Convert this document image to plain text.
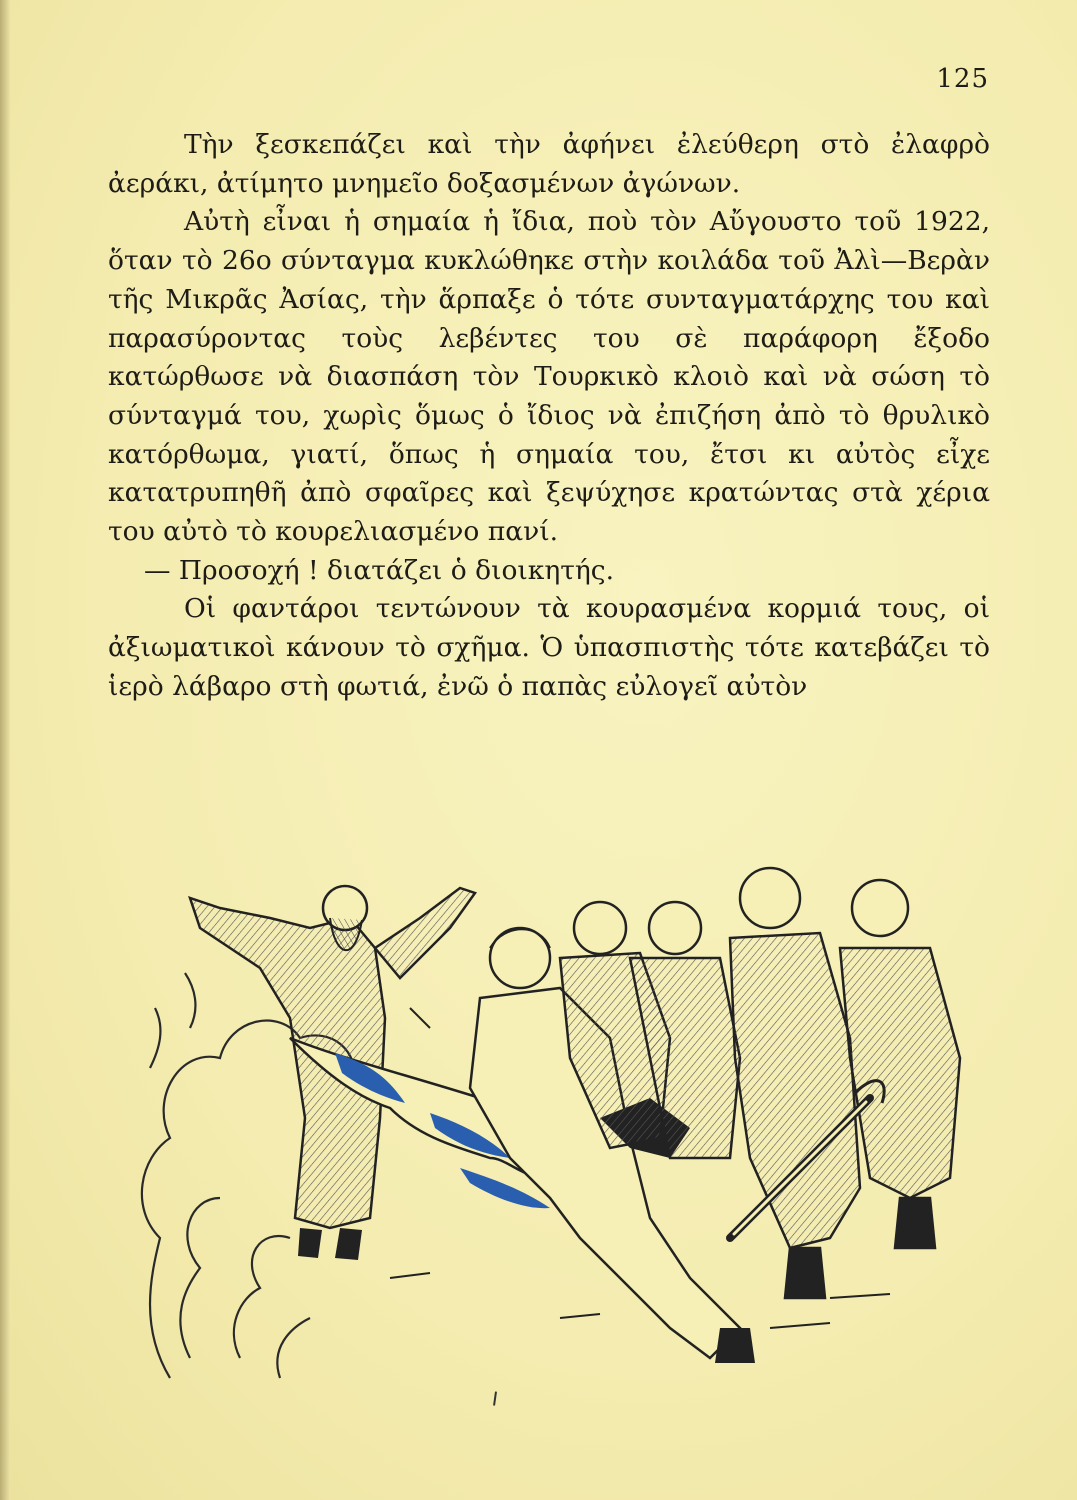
125

Τὴν ξεσκεπάζει καὶ τὴν ἀφήνει ἐλεύθερη στὸ ἐλαφρὸ ἀεράκι, ἀτίμητο μνημεῖο δοξασμένων ἀγώνων.

Αὐτὴ εἶναι ἡ σημαία ἡ ἴδια, ποὺ τὸν Αὔγουστο τοῦ 1922, ὅταν τὸ 26ο σύνταγμα κυκλώθηκε στὴν κοιλάδα τοῦ Ἀλὶ—Βερὰν τῆς Μικρᾶς Ἀσίας, τὴν ἅρπαξε ὁ τότε συνταγματάρχης του καὶ παρασύροντας τοὺς λεβέντες του σὲ παράφορη ἔξοδο κατώρθωσε νὰ διασπάση τὸν Τουρκικὸ κλοιὸ καὶ νὰ σώση τὸ σύνταγμά του, χωρὶς ὅμως ὁ ἴδιος νὰ ἐπιζήση ἀπὸ τὸ θρυλικὸ κατόρθωμα, γιατί, ὅπως ἡ σημαία του, ἔτσι κι αὐτὸς εἶχε κατατρυπηθῆ ἀπὸ σφαῖρες καὶ ξεψύχησε κρατώντας στὰ χέρια του αὐτὸ τὸ κουρελιασμένο πανί.

— Προσοχή ! διατάζει ὁ διοικητής.

Οἱ φαντάροι τεντώνουν τὰ κουρασμένα κορμιά τους, οἱ ἀξιωματικοὶ κάνουν τὸ σχῆμα. Ὁ ὑπασπιστὴς τότε κατεβάζει τὸ ἱερὸ λάβαρο στὴ φωτιά, ἐνῶ ὁ παπὰς εὐλογεῖ αὐτὸν
